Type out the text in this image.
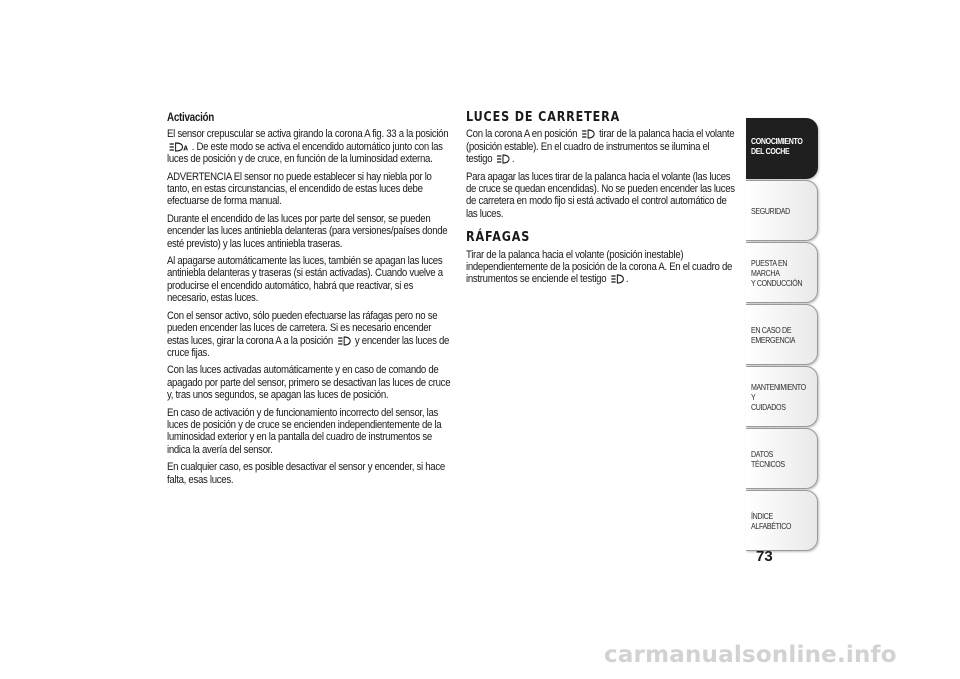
Activación

El sensor crepuscular se activa girando la corona A fig. 33 a la posición
A . De este modo se activa el encendido automático junto con las luces de posición y de cruce, en función de la luminosidad externa.

ADVERTENCIA El sensor no puede establecer si hay niebla por lo tanto, en estas circunstancias, el encendido de estas luces debe efectuarse de forma manual.

Durante el encendido de las luces por parte del sensor, se pueden encender las luces antiniebla delanteras (para versiones/países donde esté previsto) y las luces antiniebla traseras.

Al apagarse automáticamente las luces, también se apagan las luces antiniebla delanteras y traseras (si están activadas). Cuando vuelve a producirse el encendido automático, habrá que reactivar, si es necesario, estas luces.

Con el sensor activo, sólo pueden efectuarse las ráfagas pero no se pueden encender las luces de carretera. Si es necesario encender estas luces, girar la corona A a la posición y encender las luces de cruce fijas.

Con las luces activadas automáticamente y en caso de comando de apagado por parte del sensor, primero se desactivan las luces de cruce y, tras unos segundos, se apagan las luces de posición.

En caso de activación y de funcionamiento incorrecto del sensor, las luces de posición y de cruce se encienden independientemente de la luminosidad exterior y en la pantalla del cuadro de instrumentos se indica la avería del sensor.

En cualquier caso, es posible desactivar el sensor y encender, si hace falta, esas luces.

LUCES DE CARRETERA

Con la corona A en posición tirar de la palanca hacia el volante (posición estable). En el cuadro de instrumentos se ilumina el testigo .

Para apagar las luces tirar de la palanca hacia el volante (las luces de cruce se quedan encendidas). No se pueden encender las luces de carretera en modo fijo si está activado el control automático de las luces.

RÁFAGAS

Tirar de la palanca hacia el volante (posición inestable) independientemente de la posición de la corona A. En el cuadro de instrumentos se enciende el testigo .

CONOCIMIENTO
DEL COCHE
SEGURIDAD
PUESTA EN MARCHA
Y CONDUCCIÓN
EN CASO DE
EMERGENCIA
MANTENIMIENTO Y
CUIDADOS
DATOS TÉCNICOS
ÍNDICE ALFABÉTICO
73
carmanualsonline.info
